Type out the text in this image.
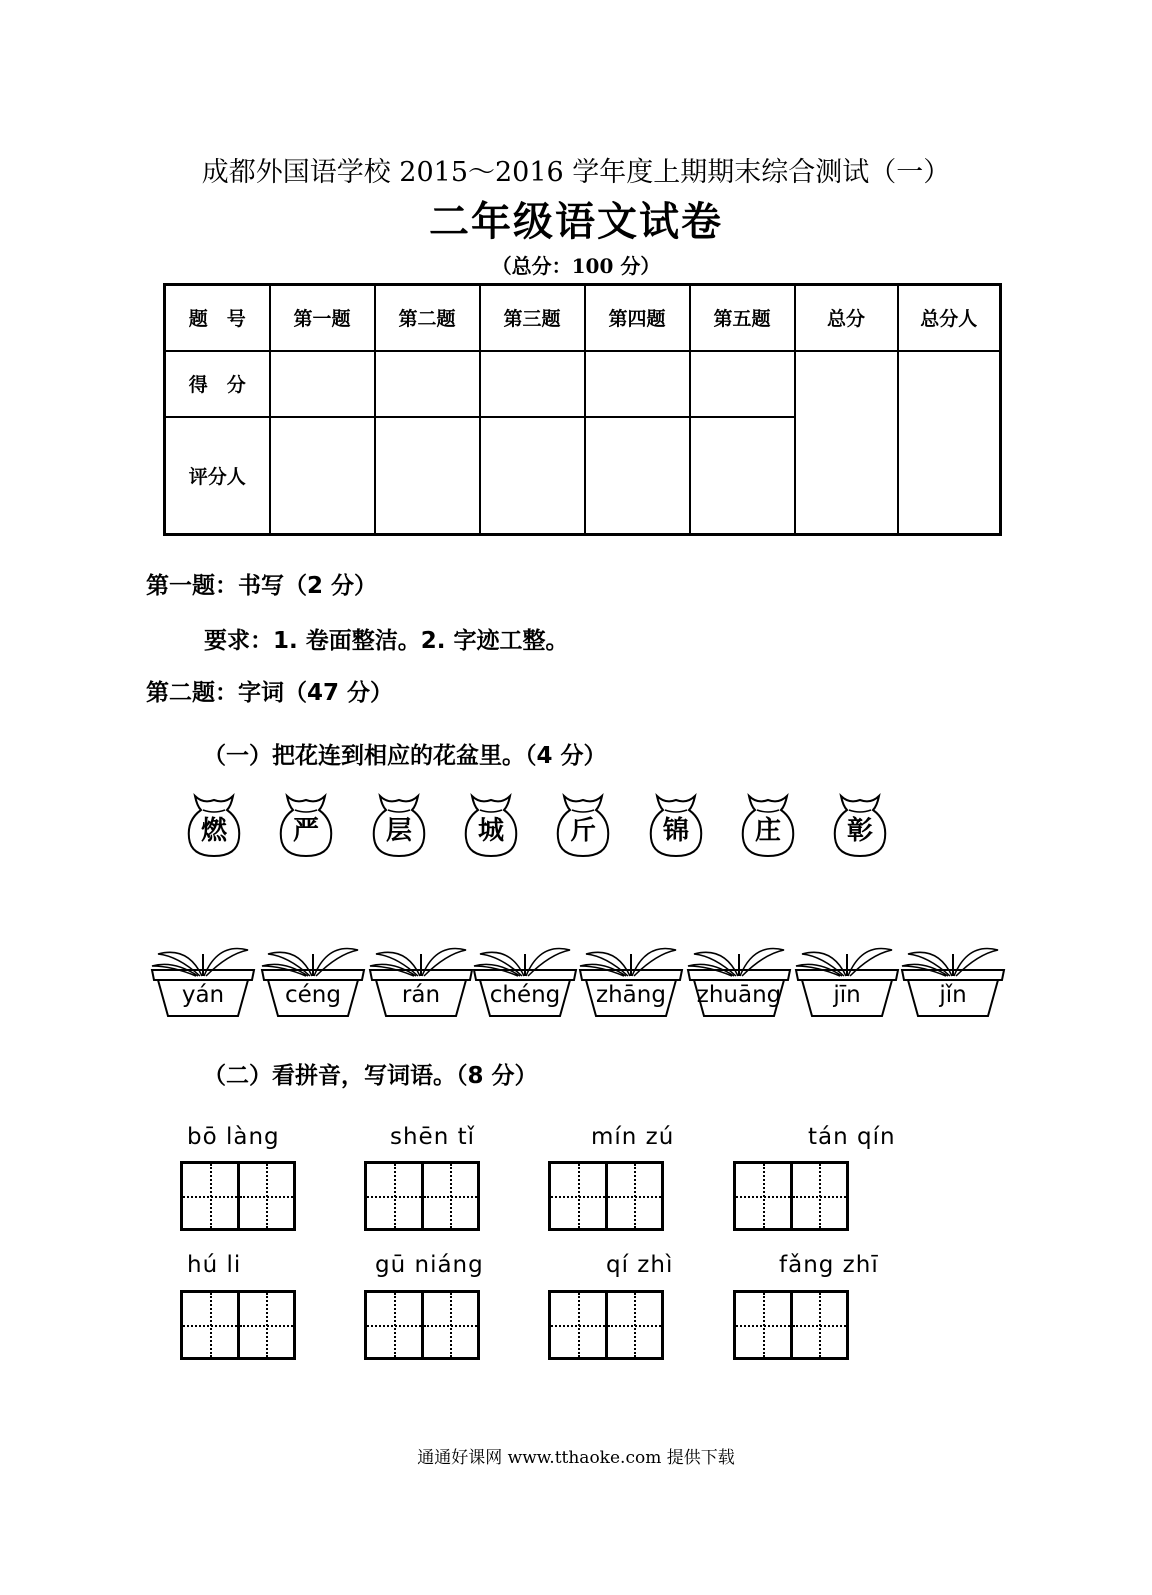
成都外国语学校 2015～2016 学年度上期期末综合测试（一）
二年级语文试卷
（总分：100 分）
题　号	第一题	第二题	第三题	第四题	第五题	总分	总分人
得　分							
评分人							
第一题：书写（2 分）
要求：1. 卷面整洁。2. 字迹工整。
第二题：字词（47 分）
（一）把花连到相应的花盆里。（4 分）
燃	严	层	城	斤	锦	庄	彰
yán	céng	rán	chéng	zhāng	zhuāng	jīn	jǐn
（二）看拼音，写词语。（8 分）
bō làng	shēn tǐ	mín zú	tán qín
hú li	gū niáng	qí zhì	fǎng zhī
通通好课网 www.tthaoke.com 提供下载
